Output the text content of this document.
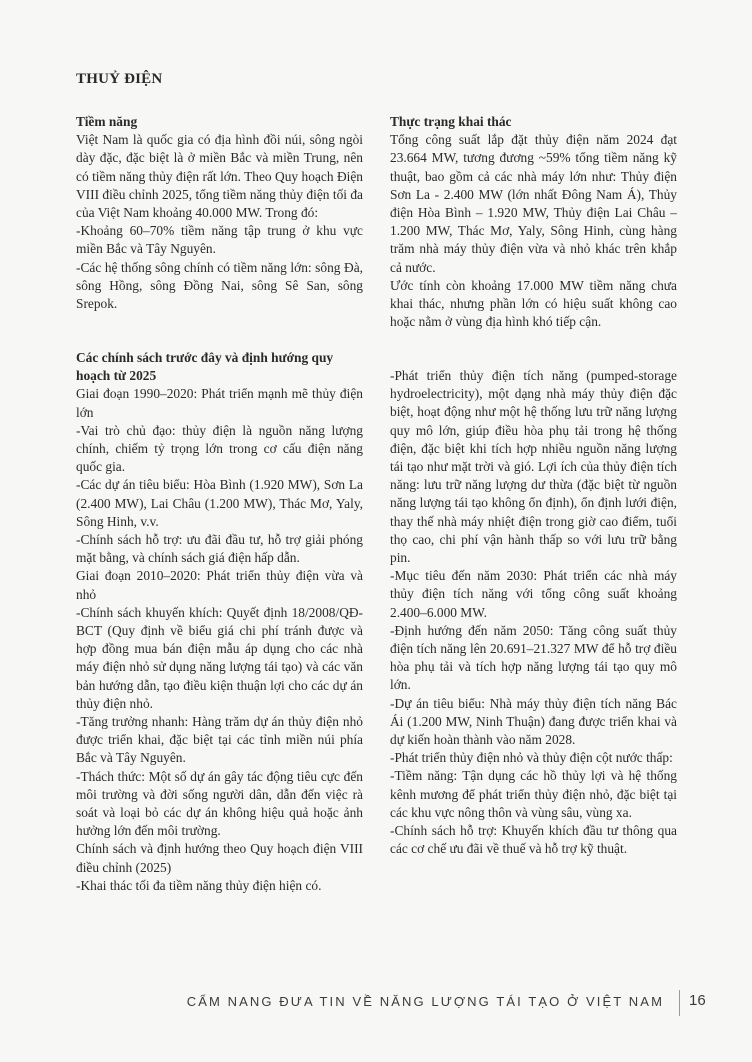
THUỶ ĐIỆN
Tiềm năng
Việt Nam là quốc gia có địa hình đồi núi, sông ngòi dày đặc, đặc biệt là ở miền Bắc và miền Trung, nên có tiềm năng thủy điện rất lớn. Theo Quy hoạch Điện VIII điều chỉnh 2025, tổng tiềm năng thủy điện tối đa của Việt Nam khoảng 40.000 MW. Trong đó:
-Khoảng 60–70% tiềm năng tập trung ở khu vực miền Bắc và Tây Nguyên.
-Các hệ thống sông chính có tiềm năng lớn: sông Đà, sông Hồng, sông Đồng Nai, sông Sê San, sông Srepok.
Thực trạng khai thác
Tổng công suất lắp đặt thủy điện năm 2024 đạt 23.664 MW, tương đương ~59% tổng tiềm năng kỹ thuật, bao gồm cả các nhà máy lớn như: Thủy điện Sơn La - 2.400 MW (lớn nhất Đông Nam Á), Thủy điện Hòa Bình – 1.920 MW, Thủy điện Lai Châu – 1.200 MW, Thác Mơ, Yaly, Sông Hinh, cùng hàng trăm nhà máy thủy điện vừa và nhỏ khác trên khắp cả nước.
Ước tính còn khoảng 17.000 MW tiềm năng chưa khai thác, nhưng phần lớn có hiệu suất không cao hoặc nằm ở vùng địa hình khó tiếp cận.
Các chính sách trước đây và định hướng quy hoạch từ 2025
Giai đoạn 1990–2020: Phát triển mạnh mẽ thủy điện lớn
-Vai trò chủ đạo: thủy điện là nguồn năng lượng chính, chiếm tỷ trọng lớn trong cơ cấu điện năng quốc gia.
-Các dự án tiêu biểu: Hòa Bình (1.920 MW), Sơn La (2.400 MW), Lai Châu (1.200 MW), Thác Mơ, Yaly, Sông Hinh, v.v.
-Chính sách hỗ trợ: ưu đãi đầu tư, hỗ trợ giải phóng mặt bằng, và chính sách giá điện hấp dẫn.
Giai đoạn 2010–2020: Phát triển thủy điện vừa và nhỏ
-Chính sách khuyến khích: Quyết định 18/2008/QĐ-BCT (Quy định về biểu giá chi phí tránh được và hợp đồng mua bán điện mẫu áp dụng cho các nhà máy điện nhỏ sử dụng năng lượng tái tạo) và các văn bản hướng dẫn, tạo điều kiện thuận lợi cho các dự án thủy điện nhỏ.
-Tăng trưởng nhanh: Hàng trăm dự án thủy điện nhỏ được triển khai, đặc biệt tại các tỉnh miền núi phía Bắc và Tây Nguyên.
-Thách thức: Một số dự án gây tác động tiêu cực đến môi trường và đời sống người dân, dẫn đến việc rà soát và loại bỏ các dự án không hiệu quả hoặc ảnh hưởng lớn đến môi trường.
Chính sách và định hướng theo Quy hoạch điện VIII điều chỉnh (2025)
-Khai thác tối đa tiềm năng thủy điện hiện có.
-Phát triển thủy điện tích năng (pumped-storage hydroelectricity), một dạng nhà máy thủy điện đặc biệt, hoạt động như một hệ thống lưu trữ năng lượng quy mô lớn, giúp điều hòa phụ tải trong hệ thống điện, đặc biệt khi tích hợp nhiều nguồn năng lượng tái tạo như mặt trời và gió. Lợi ích của thủy điện tích năng: lưu trữ năng lượng dư thừa (đặc biệt từ nguồn năng lượng tái tạo không ổn định), ổn định lưới điện, thay thế nhà máy nhiệt điện trong giờ cao điểm, tuổi thọ cao, chi phí vận hành thấp so với lưu trữ bằng pin.
-Mục tiêu đến năm 2030: Phát triển các nhà máy thủy điện tích năng với tổng công suất khoảng 2.400–6.000 MW.
-Định hướng đến năm 2050: Tăng công suất thủy điện tích năng lên 20.691–21.327 MW để hỗ trợ điều hòa phụ tải và tích hợp năng lượng tái tạo quy mô lớn.
-Dự án tiêu biểu: Nhà máy thủy điện tích năng Bác Ái (1.200 MW, Ninh Thuận) đang được triển khai và dự kiến hoàn thành vào năm 2028.
-Phát triển thủy điện nhỏ và thủy điện cột nước thấp:
-Tiềm năng: Tận dụng các hồ thủy lợi và hệ thống kênh mương để phát triển thủy điện nhỏ, đặc biệt tại các khu vực nông thôn và vùng sâu, vùng xa.
-Chính sách hỗ trợ: Khuyến khích đầu tư thông qua các cơ chế ưu đãi về thuế và hỗ trợ kỹ thuật.
CẨM NANG ĐƯA TIN VỀ NĂNG LƯỢNG TÁI TẠO Ở VIỆT NAM 16
